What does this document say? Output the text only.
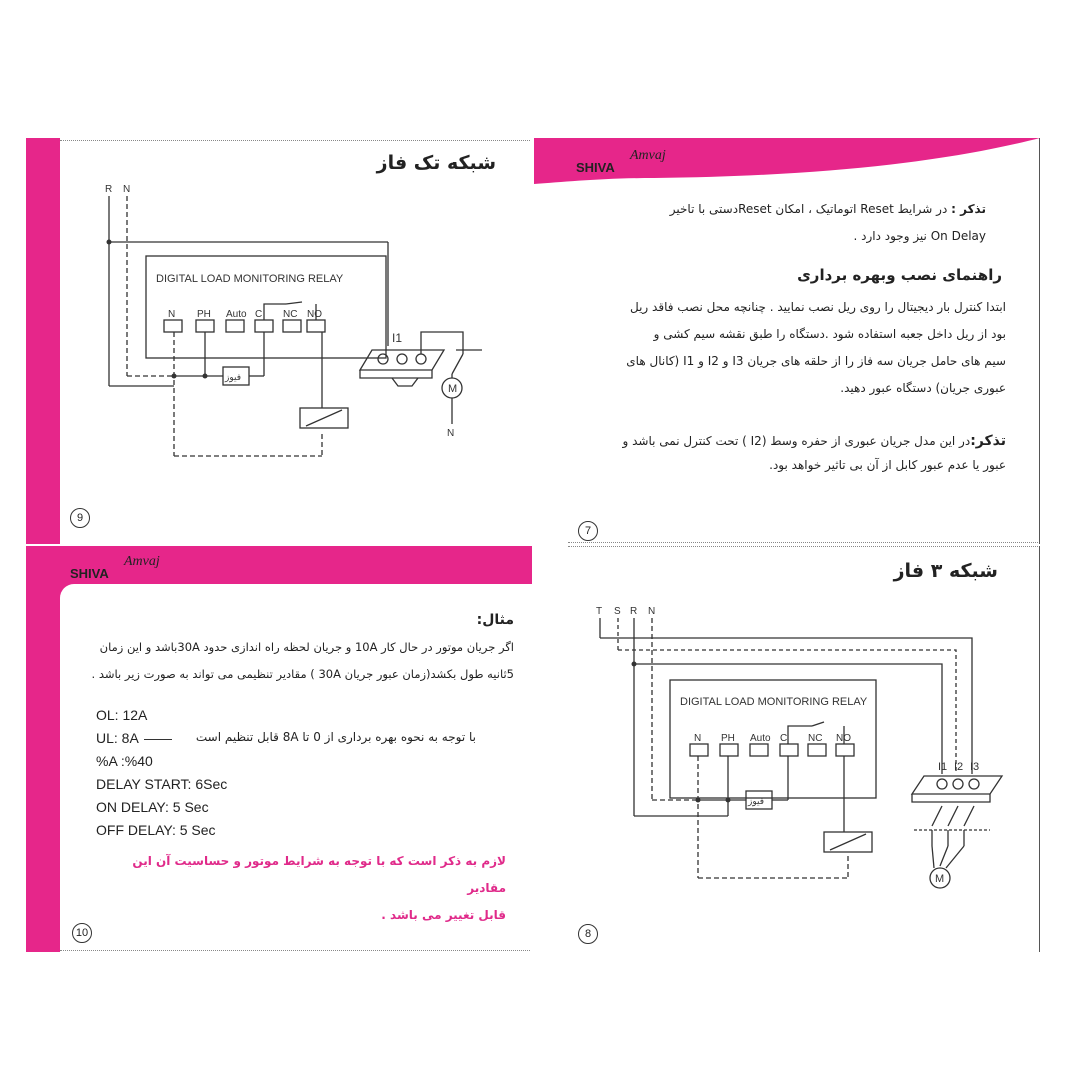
شبکه تک فاز
R N
DIGITAL LOAD MONITORING RELAY
N PH Auto C NC NO
فیوز
I1
M
N
9
SHIVA
Amvaj
تذکر : در شرایط Reset اتوماتیک ، امکان Resetدستی با تاخیر
On Delay نیز وجود دارد .
راهنمای نصب وبهره برداری
ابتدا کنترل بار دیجیتال را روی ریل نصب نمایید . چنانچه محل نصب فاقد ریل
بود از ریل داخل جعبه استفاده شود .دستگاه را طبق نقشه سیم کشی و
سیم های حامل جریان سه فاز را از حلقه های جریان I3 و I2 و I1 (کانال های
عبوری جریان) دستگاه عبور دهید.
تذکر:در این مدل جریان عبوری از حفره وسط (I2 ) تحت کنترل نمی باشد و
عبور یا عدم عبور کابل از آن بی تاثیر خواهد بود.
7
SHIVA
Amvaj
مثال:
اگر جریان موتور در حال کار 10A و جریان لحظه راه اندازی حدود 30Aباشد و این زمان
5ثانیه طول بکشد(زمان عبور جریان 30A ) مقادیر تنظیمی می تواند به صورت زیر باشد .
OL: 12A
UL: 8A
%A :%40
DELAY START: 6Sec
ON DELAY: 5 Sec
OFF DELAY: 5 Sec
با توجه به نحوه بهره برداری از 0 تا 8A قابل تنظیم است
لازم به ذکر است که با توجه به شرایط موتور و حساسیت آن این مقادیر
قابل تغییر می باشد .
10
شبکه ۳ فاز
T S R N
DIGITAL LOAD MONITORING RELAY
N PH Auto C NC NO
فیوز
I1 I2 I3
M
8
